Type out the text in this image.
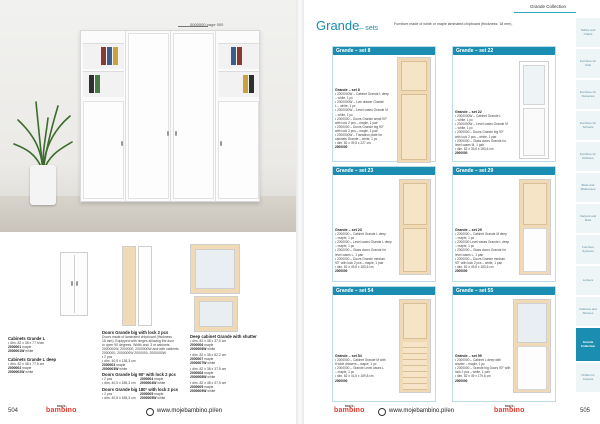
0000000 page 000
Cabinets Grande L
• dim. 82 x 38 x 77 h/cm
2000001 maple
2000001W white
Cabinets Grande L deep
• dim. 82 x 48 x 77,5 cm
2000002 maple
2000002W white
Doors Grande big with lock 2 pcs
Doors made of laminated chipboard (thickness
18 mm). Equipped with hinges allowing the door
to open 90 degrees. Width and: 3 m cabinets.
2000000W, 2000000, 2000000W and with cabinets
2000000, 2000000W 2000000, 2000000W
• 2 pcs
• dim. 40,5 x 138,3 cm
2000003 maple
2000003W white
Doors Grande big 90° with lock 2 pcs
• 2 pcs
• dim. 40,5 x 185,3 cm
2000004 maple
2000004W white
Doors Grande big 180° with lock 2 pcs
• 2 pcs
• dim. 40,5 x 185,3 cm
2000005 maple
2000005W white
Deep cabinet Grande with shutter
• dim. 82 x 48 x 37,5 cm
2000006 maple
2000006W white
• dim. 82 x 38 x 82,2 cm
2000007 maple
2000007W white
• dim. 82 x 38 x 37,5 cm
2000008 maple
2000008W white
• dim. 82 x 48 x 37,5 cm
2000009 maple
2000009W white
504
moje
bambino	www.mojebambino.pl/en
Grande Collection
Grande– sets
Furniture made of white or maple laminated chipboard (thickness: 18 mm).
Grande – set 8	Grande – set 22
Grande – set 23	Grande – set 29
Grande – set 54	Grande – set 55
Grande – set 8
• 2000000W – Cabinet Grande L deep
– white, 1 pc
• 2000000W – Low drawer Grande
L – white, 1 pc
• 2000000W – Level cases Grande M
– white, 1 pc
• 2000000 – Doors Grande small 90°
with lock 2 pcs – maple, 1 pair
• 2000000 – Doors Grande big 90°
with lock 2 pcs – maple, 1 pair
• 2000000W – Transition plate for
cabinets Grande – white, 1 pc
• dim. 82 x 49,5 x 227 cm
2000000
Grande – set 22
• 2000000W – Cabinet Grande L
– white, 1 pc
• 2000000W – Level cases Grande M
– white, 1 pc
• 2000000 – Doors Grande big 90°
with lock 2 pcs – white, 1 pair
• 2000000 – Glass doors Grande for
level cases M, 1 pair
• dim. 82 x 39,8 x 183,6 cm
2000000
Grande – set 23
• 2000000 – Cabinet Grande L deep
– maple, 1 pc
• 2000000 – Level cases Grande L deep
– maple, 1 pc
• 2000000 – Glass doors Grande for
level cases L, 1 pair
• 2000000 – Doors Grande medium
90° with lock 2 pcs – maple, 1 pair
• dim. 82 x 49,8 x 183,6 cm
2000000
Grande – set 29
• 2000000 – Cabinet Grande M deep
– maple, 1 pc
• 2000000 Level cases Grande L deep
– maple, 1 pc
• 2000000 – Glass doors Grande for
level cases L, 1 pair
• 2000000 – Doors Grande medium
90° with lock 2 pcs – white, 1 pair
• dim. 82 x 49,8 x 183,6 cm
2000000
Grande – set 54
• 2000000 – Cabinet Grande M with
8 wide drawers – maple, 1 pc
• 2000000 – Grande Level cases L
– maple, 1 pc
• dim. 82 x 41,6 x 169,8 cm
2000000
Grande – set 55
• 2000000 – Cabinet L deep with
shutter – maple, 1 pc
• 2000000 – Grande big Doors 90° with
lock 2 pcs – white, 1 pair
• dim. 82 x 49 x 179,6 cm
2000000
Tables and Chairs
Furniture for Kids
Furniture for Nurseries
Furniture for Schools
Furniture for Kitchens
Beds and Mattresses
Carpets and Mats
Furniture Systems
Lockers
Cabinets and Shelves
Grande Collection
Children's Carpets
moje
bambino	www.mojebambino.pl/en
moje
bambino	505
